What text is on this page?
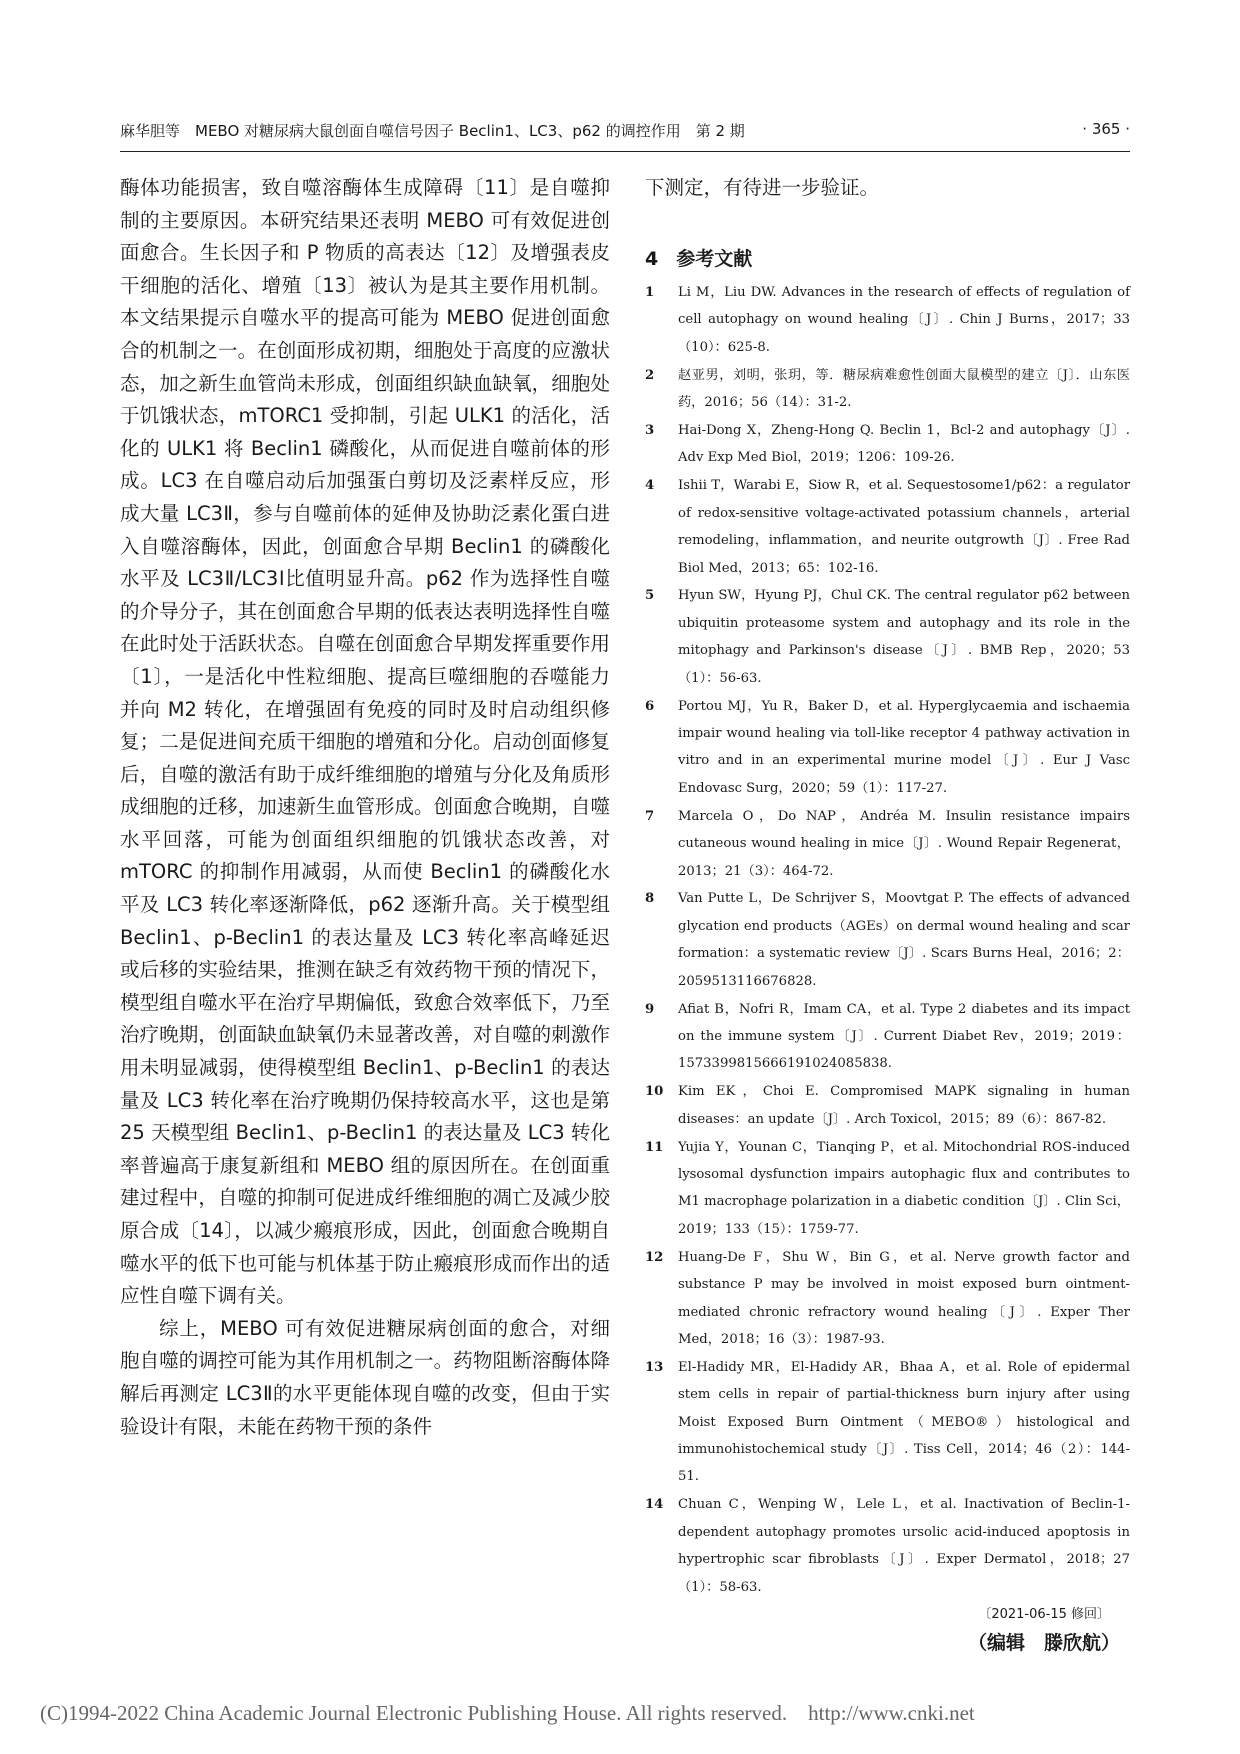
麻华胆等　MEBO 对糖尿病大鼠创面自噬信号因子 Beclin1、LC3、p62 的调控作用　第 2 期	· 365 ·

酶体功能损害，致自噬溶酶体生成障碍〔11〕是自噬抑制的主要原因。本研究结果还表明 MEBO 可有效促进创面愈合。生长因子和 P 物质的高表达〔12〕及增强表皮干细胞的活化、增殖〔13〕被认为是其主要作用机制。本文结果提示自噬水平的提高可能为 MEBO 促进创面愈合的机制之一。在创面形成初期，细胞处于高度的应激状态，加之新生血管尚未形成，创面组织缺血缺氧，细胞处于饥饿状态，mTORC1 受抑制，引起 ULK1 的活化，活化的 ULK1 将 Beclin1 磷酸化，从而促进自噬前体的形成。LC3 在自噬启动后加强蛋白剪切及泛素样反应，形成大量 LC3Ⅱ，参与自噬前体的延伸及协助泛素化蛋白进入自噬溶酶体，因此，创面愈合早期 Beclin1 的磷酸化水平及 LC3Ⅱ/LC3Ⅰ比值明显升高。p62 作为选择性自噬的介导分子，其在创面愈合早期的低表达表明选择性自噬在此时处于活跃状态。自噬在创面愈合早期发挥重要作用〔1〕，一是活化中性粒细胞、提高巨噬细胞的吞噬能力并向 M2 转化，在增强固有免疫的同时及时启动组织修复；二是促进间充质干细胞的增殖和分化。启动创面修复后，自噬的激活有助于成纤维细胞的增殖与分化及角质形成细胞的迁移，加速新生血管形成。创面愈合晚期，自噬水平回落，可能为创面组织细胞的饥饿状态改善，对 mTORC 的抑制作用减弱，从而使 Beclin1 的磷酸化水平及 LC3 转化率逐渐降低，p62 逐渐升高。关于模型组 Beclin1、p-Beclin1 的表达量及 LC3 转化率高峰延迟或后移的实验结果，推测在缺乏有效药物干预的情况下，模型组自噬水平在治疗早期偏低，致愈合效率低下，乃至治疗晚期，创面缺血缺氧仍未显著改善，对自噬的刺激作用未明显减弱，使得模型组 Beclin1、p-Beclin1 的表达量及 LC3 转化率在治疗晚期仍保持较高水平，这也是第 25 天模型组 Beclin1、p-Beclin1 的表达量及 LC3 转化率普遍高于康复新组和 MEBO 组的原因所在。在创面重建过程中，自噬的抑制可促进成纤维细胞的凋亡及减少胶原合成〔14〕，以减少瘢痕形成，因此，创面愈合晚期自噬水平的低下也可能与机体基于防止瘢痕形成而作出的适应性自噬下调有关。

综上，MEBO 可有效促进糖尿病创面的愈合，对细胞自噬的调控可能为其作用机制之一。药物阻断溶酶体降解后再测定 LC3Ⅱ的水平更能体现自噬的改变，但由于实验设计有限，未能在药物干预的条件

下测定，有待进一步验证。

4 参考文献
1 Li M，Liu DW. Advances in the research of effects of regulation of cell autophagy on wound healing〔J〕. Chin J Burns，2017；33（10）：625-8.
2 赵亚男，刘明，张玥，等．糖尿病难愈性创面大鼠模型的建立〔J〕．山东医药，2016；56（14）：31-2.
3 Hai-Dong X，Zheng-Hong Q. Beclin 1，Bcl-2 and autophagy〔J〕. Adv Exp Med Biol，2019；1206：109-26.
4 Ishii T，Warabi E，Siow R，et al. Sequestosome1/p62：a regulator of redox-sensitive voltage-activated potassium channels，arterial remodeling，inflammation，and neurite outgrowth〔J〕. Free Rad Biol Med，2013；65：102-16.
5 Hyun SW，Hyung PJ，Chul CK. The central regulator p62 between ubiquitin proteasome system and autophagy and its role in the mitophagy and Parkinson's disease〔J〕. BMB Rep，2020；53（1）：56-63.
6 Portou MJ，Yu R，Baker D，et al. Hyperglycaemia and ischaemia impair wound healing via toll-like receptor 4 pathway activation in vitro and in an experimental murine model〔J〕. Eur J Vasc Endovasc Surg，2020；59（1）：117-27.
7 Marcela O，Do NAP，Andréa M. Insulin resistance impairs cutaneous wound healing in mice〔J〕. Wound Repair Regenerat，2013；21（3）：464-72.
8 Van Putte L，De Schrijver S，Moovtgat P. The effects of advanced glycation end products（AGEs）on dermal wound healing and scar formation：a systematic review〔J〕. Scars Burns Heal，2016；2：2059513116676828.
9 Afiat B，Nofri R，Imam CA，et al. Type 2 diabetes and its impact on the immune system〔J〕. Current Diabet Rev，2019；2019：1573399815666191024085838.
10 Kim EK，Choi E. Compromised MAPK signaling in human diseases：an update〔J〕. Arch Toxicol，2015；89（6）：867-82.
11 Yujia Y，Younan C，Tianqing P，et al. Mitochondrial ROS-induced lysosomal dysfunction impairs autophagic flux and contributes to M1 macrophage polarization in a diabetic condition〔J〕. Clin Sci，2019；133（15）：1759-77.
12 Huang-De F，Shu W，Bin G，et al. Nerve growth factor and substance P may be involved in moist exposed burn ointment-mediated chronic refractory wound healing〔J〕. Exper Ther Med，2018；16（3）：1987-93.
13 El-Hadidy MR，El-Hadidy AR，Bhaa A，et al. Role of epidermal stem cells in repair of partial-thickness burn injury after using Moist Exposed Burn Ointment（MEBO®）histological and immunohistochemical study〔J〕. Tiss Cell，2014；46（2）：144-51.
14 Chuan C，Wenping W，Lele L，et al. Inactivation of Beclin-1-dependent autophagy promotes ursolic acid-induced apoptosis in hypertrophic scar fibroblasts〔J〕. Exper Dermatol，2018；27（1）：58-63.
〔2021-06-15 修回〕
（编辑　滕欣航）
(C)1994-2022 China Academic Journal Electronic Publishing House. All rights reserved.　http://www.cnki.net
